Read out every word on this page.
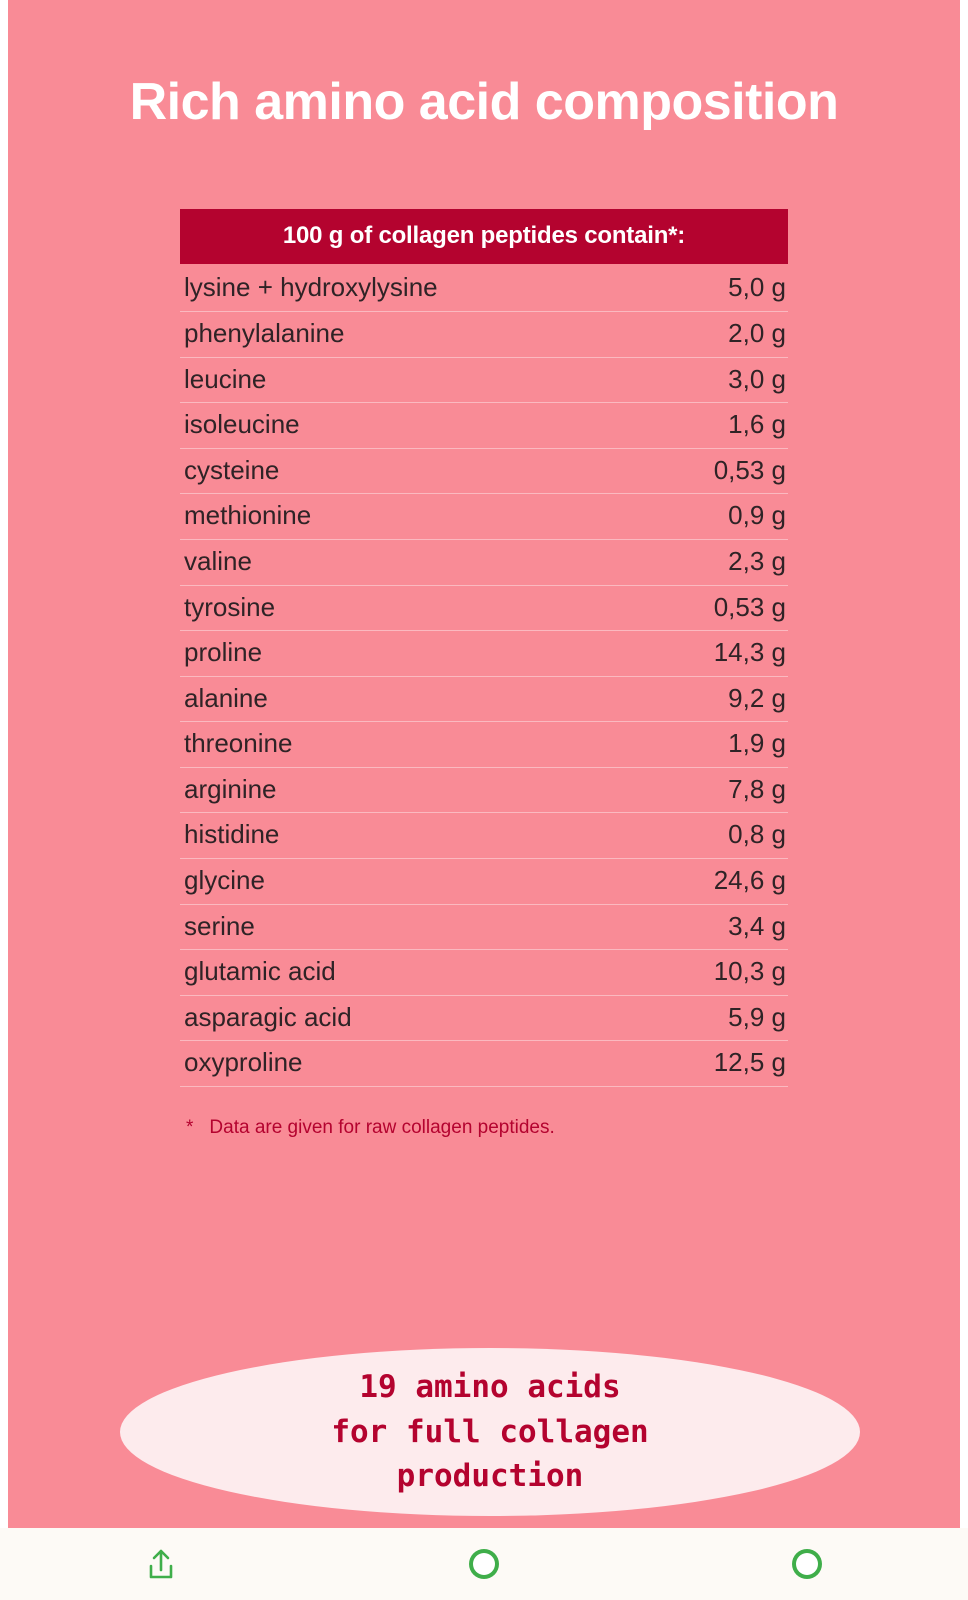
Rich amino acid composition
100 g of collagen peptides contain*:
lysine + hydroxylysine	5,0 g
phenylalanine	2,0 g
leucine	3,0 g
isoleucine	1,6 g
cysteine	0,53 g
methionine	0,9 g
valine	2,3 g
tyrosine	0,53 g
proline	14,3 g
alanine	9,2 g
threonine	1,9 g
arginine	7,8 g
histidine	0,8 g
glycine	24,6 g
serine	3,4 g
glutamic acid	10,3 g
asparagic acid	5,9 g
oxyproline	12,5 g
* Data are given for raw collagen peptides.
19 amino acids
for full collagen
production
